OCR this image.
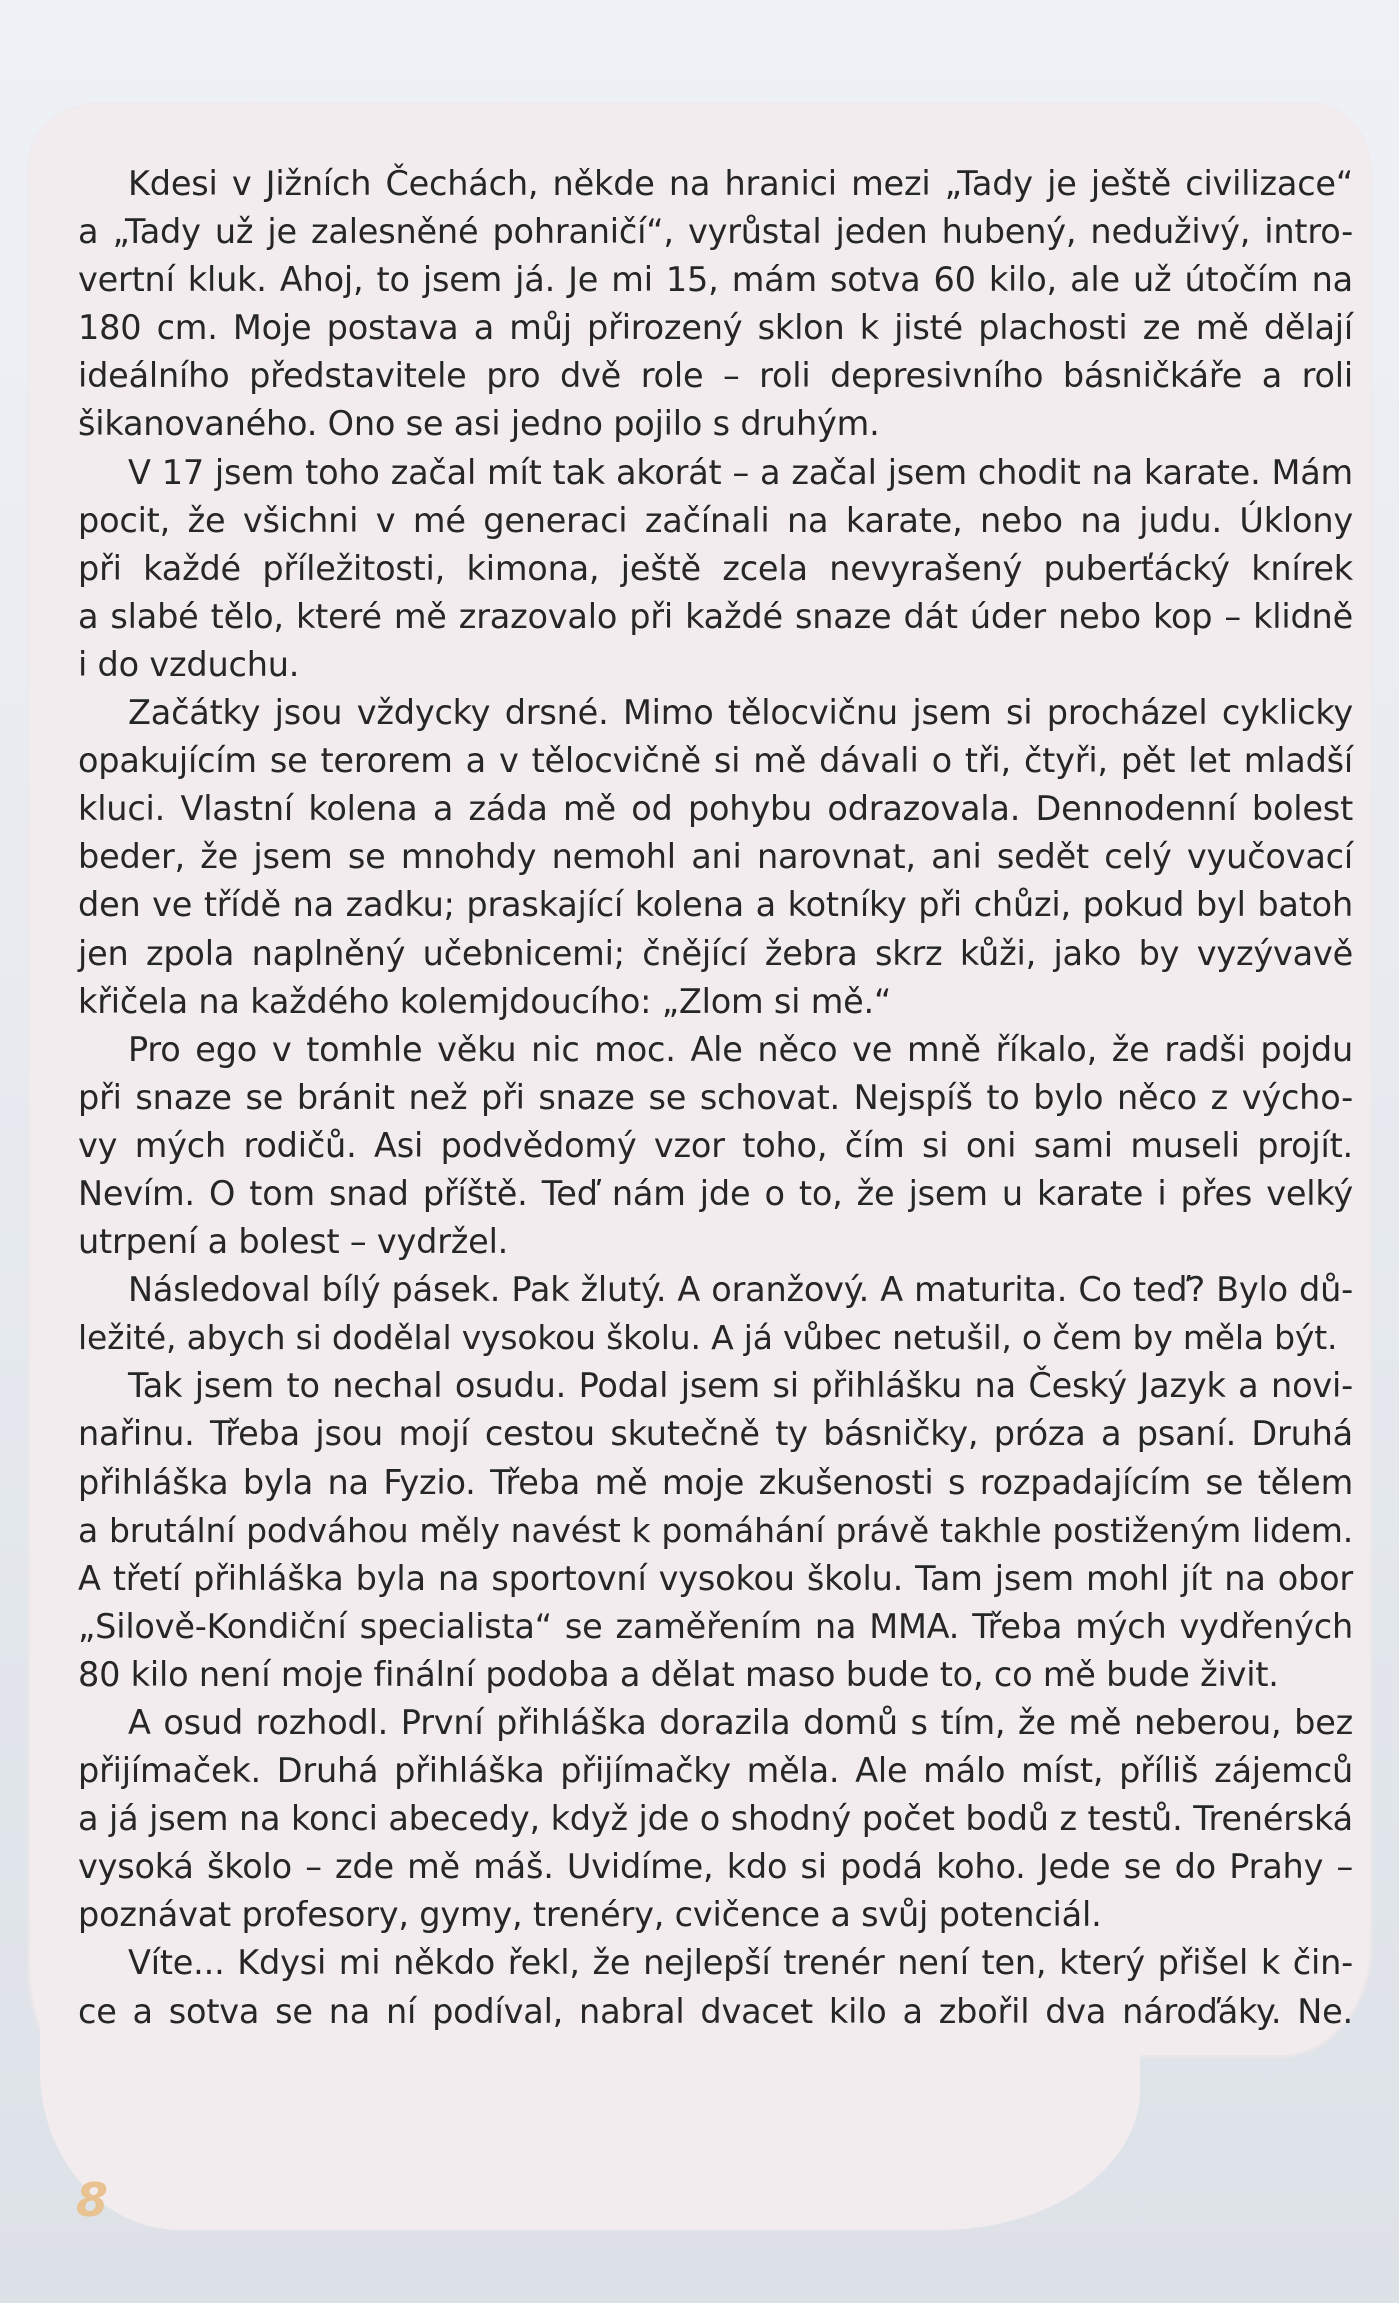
Kdesi v Jižních Čechách, někde na hranici mezi „Tady je ještě civilizace“
a „Tady už je zalesněné pohraničí“, vyrůstal jeden hubený, neduživý, intro-
vertní kluk. Ahoj, to jsem já. Je mi 15, mám sotva 60 kilo, ale už útočím na
180 cm. Moje postava a můj přirozený sklon k jisté plachosti ze mě dělají
ideálního představitele pro dvě role – roli depresivního básničkáře a roli
šikanovaného. Ono se asi jedno pojilo s druhým.
V 17 jsem toho začal mít tak akorát – a začal jsem chodit na karate. Mám
pocit, že všichni v mé generaci začínali na karate, nebo na judu. Úklony
při každé příležitosti, kimona, ještě zcela nevyrašený puberťácký knírek
a slabé tělo, které mě zrazovalo při každé snaze dát úder nebo kop – klidně
i do vzduchu.
Začátky jsou vždycky drsné. Mimo tělocvičnu jsem si procházel cyklicky
opakujícím se terorem a v tělocvičně si mě dávali o tři, čtyři, pět let mladší
kluci. Vlastní kolena a záda mě od pohybu odrazovala. Dennodenní bolest
beder, že jsem se mnohdy nemohl ani narovnat, ani sedět celý vyučovací
den ve třídě na zadku; praskající kolena a kotníky při chůzi, pokud byl batoh
jen zpola naplněný učebnicemi; čnějící žebra skrz kůži, jako by vyzývavě
křičela na každého kolemjdoucího: „Zlom si mě.“
Pro ego v tomhle věku nic moc. Ale něco ve mně říkalo, že radši pojdu
při snaze se bránit než při snaze se schovat. Nejspíš to bylo něco z výcho-
vy mých rodičů. Asi podvědomý vzor toho, čím si oni sami museli projít.
Nevím. O tom snad příště. Teď nám jde o to, že jsem u karate i přes velký
utrpení a bolest – vydržel.
Následoval bílý pásek. Pak žlutý. A oranžový. A maturita. Co teď? Bylo dů-
ležité, abych si dodělal vysokou školu. A já vůbec netušil, o čem by měla být.
Tak jsem to nechal osudu. Podal jsem si přihlášku na Český Jazyk a novi-
nařinu. Třeba jsou mojí cestou skutečně ty básničky, próza a psaní. Druhá
přihláška byla na Fyzio. Třeba mě moje zkušenosti s rozpadajícím se tělem
a brutální podváhou měly navést k pomáhání právě takhle postiženým lidem.
A třetí přihláška byla na sportovní vysokou školu. Tam jsem mohl jít na obor
„Silově-Kondiční specialista“ se zaměřením na MMA. Třeba mých vydřených
80 kilo není moje finální podoba a dělat maso bude to, co mě bude živit.
A osud rozhodl. První přihláška dorazila domů s tím, že mě neberou, bez
přijímaček. Druhá přihláška přijímačky měla. Ale málo míst, příliš zájemců
a já jsem na konci abecedy, když jde o shodný počet bodů z testů. Trenérská
vysoká školo – zde mě máš. Uvidíme, kdo si podá koho. Jede se do Prahy –
poznávat profesory, gymy, trenéry, cvičence a svůj potenciál.
Víte... Kdysi mi někdo řekl, že nejlepší trenér není ten, který přišel k čin-
ce a sotva se na ní podíval, nabral dvacet kilo a zbořil dva nároďáky. Ne.
8
